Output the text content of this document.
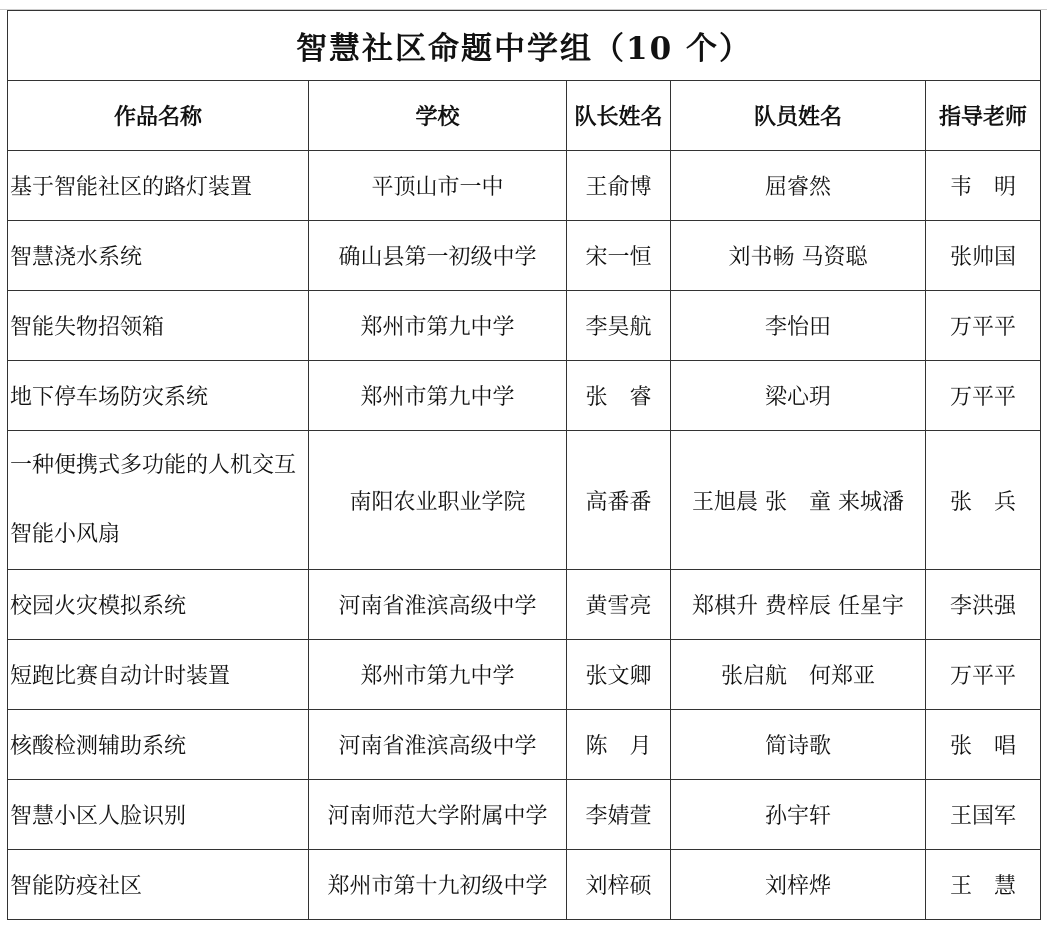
智慧社区命题中学组（10 个）				
作品名称	学校	队长姓名	队员姓名	指导老师
基于智能社区的路灯装置	平顶山市一中	王俞博	屈睿然	韦　明
智慧浇水系统	确山县第一初级中学	宋一恒	刘书畅 马资聪	张帅国
智能失物招领箱	郑州市第九中学	李昊航	李怡田	万平平
地下停车场防灾系统	郑州市第九中学	张　睿	梁心玥	万平平
一种便携式多功能的人机交互智能小风扇	南阳农业职业学院	高番番	王旭晨 张　童 来城潘	张　兵
校园火灾模拟系统	河南省淮滨高级中学	黄雪亮	郑棋升 费梓辰 任星宇	李洪强
短跑比赛自动计时装置	郑州市第九中学	张文卿	张启航　何郑亚	万平平
核酸检测辅助系统	河南省淮滨高级中学	陈　月	简诗歌	张　唱
智慧小区人脸识别	河南师范大学附属中学	李婧萱	孙宇轩	王国军
智能防疫社区	郑州市第十九初级中学	刘梓硕	刘梓烨	王　慧
